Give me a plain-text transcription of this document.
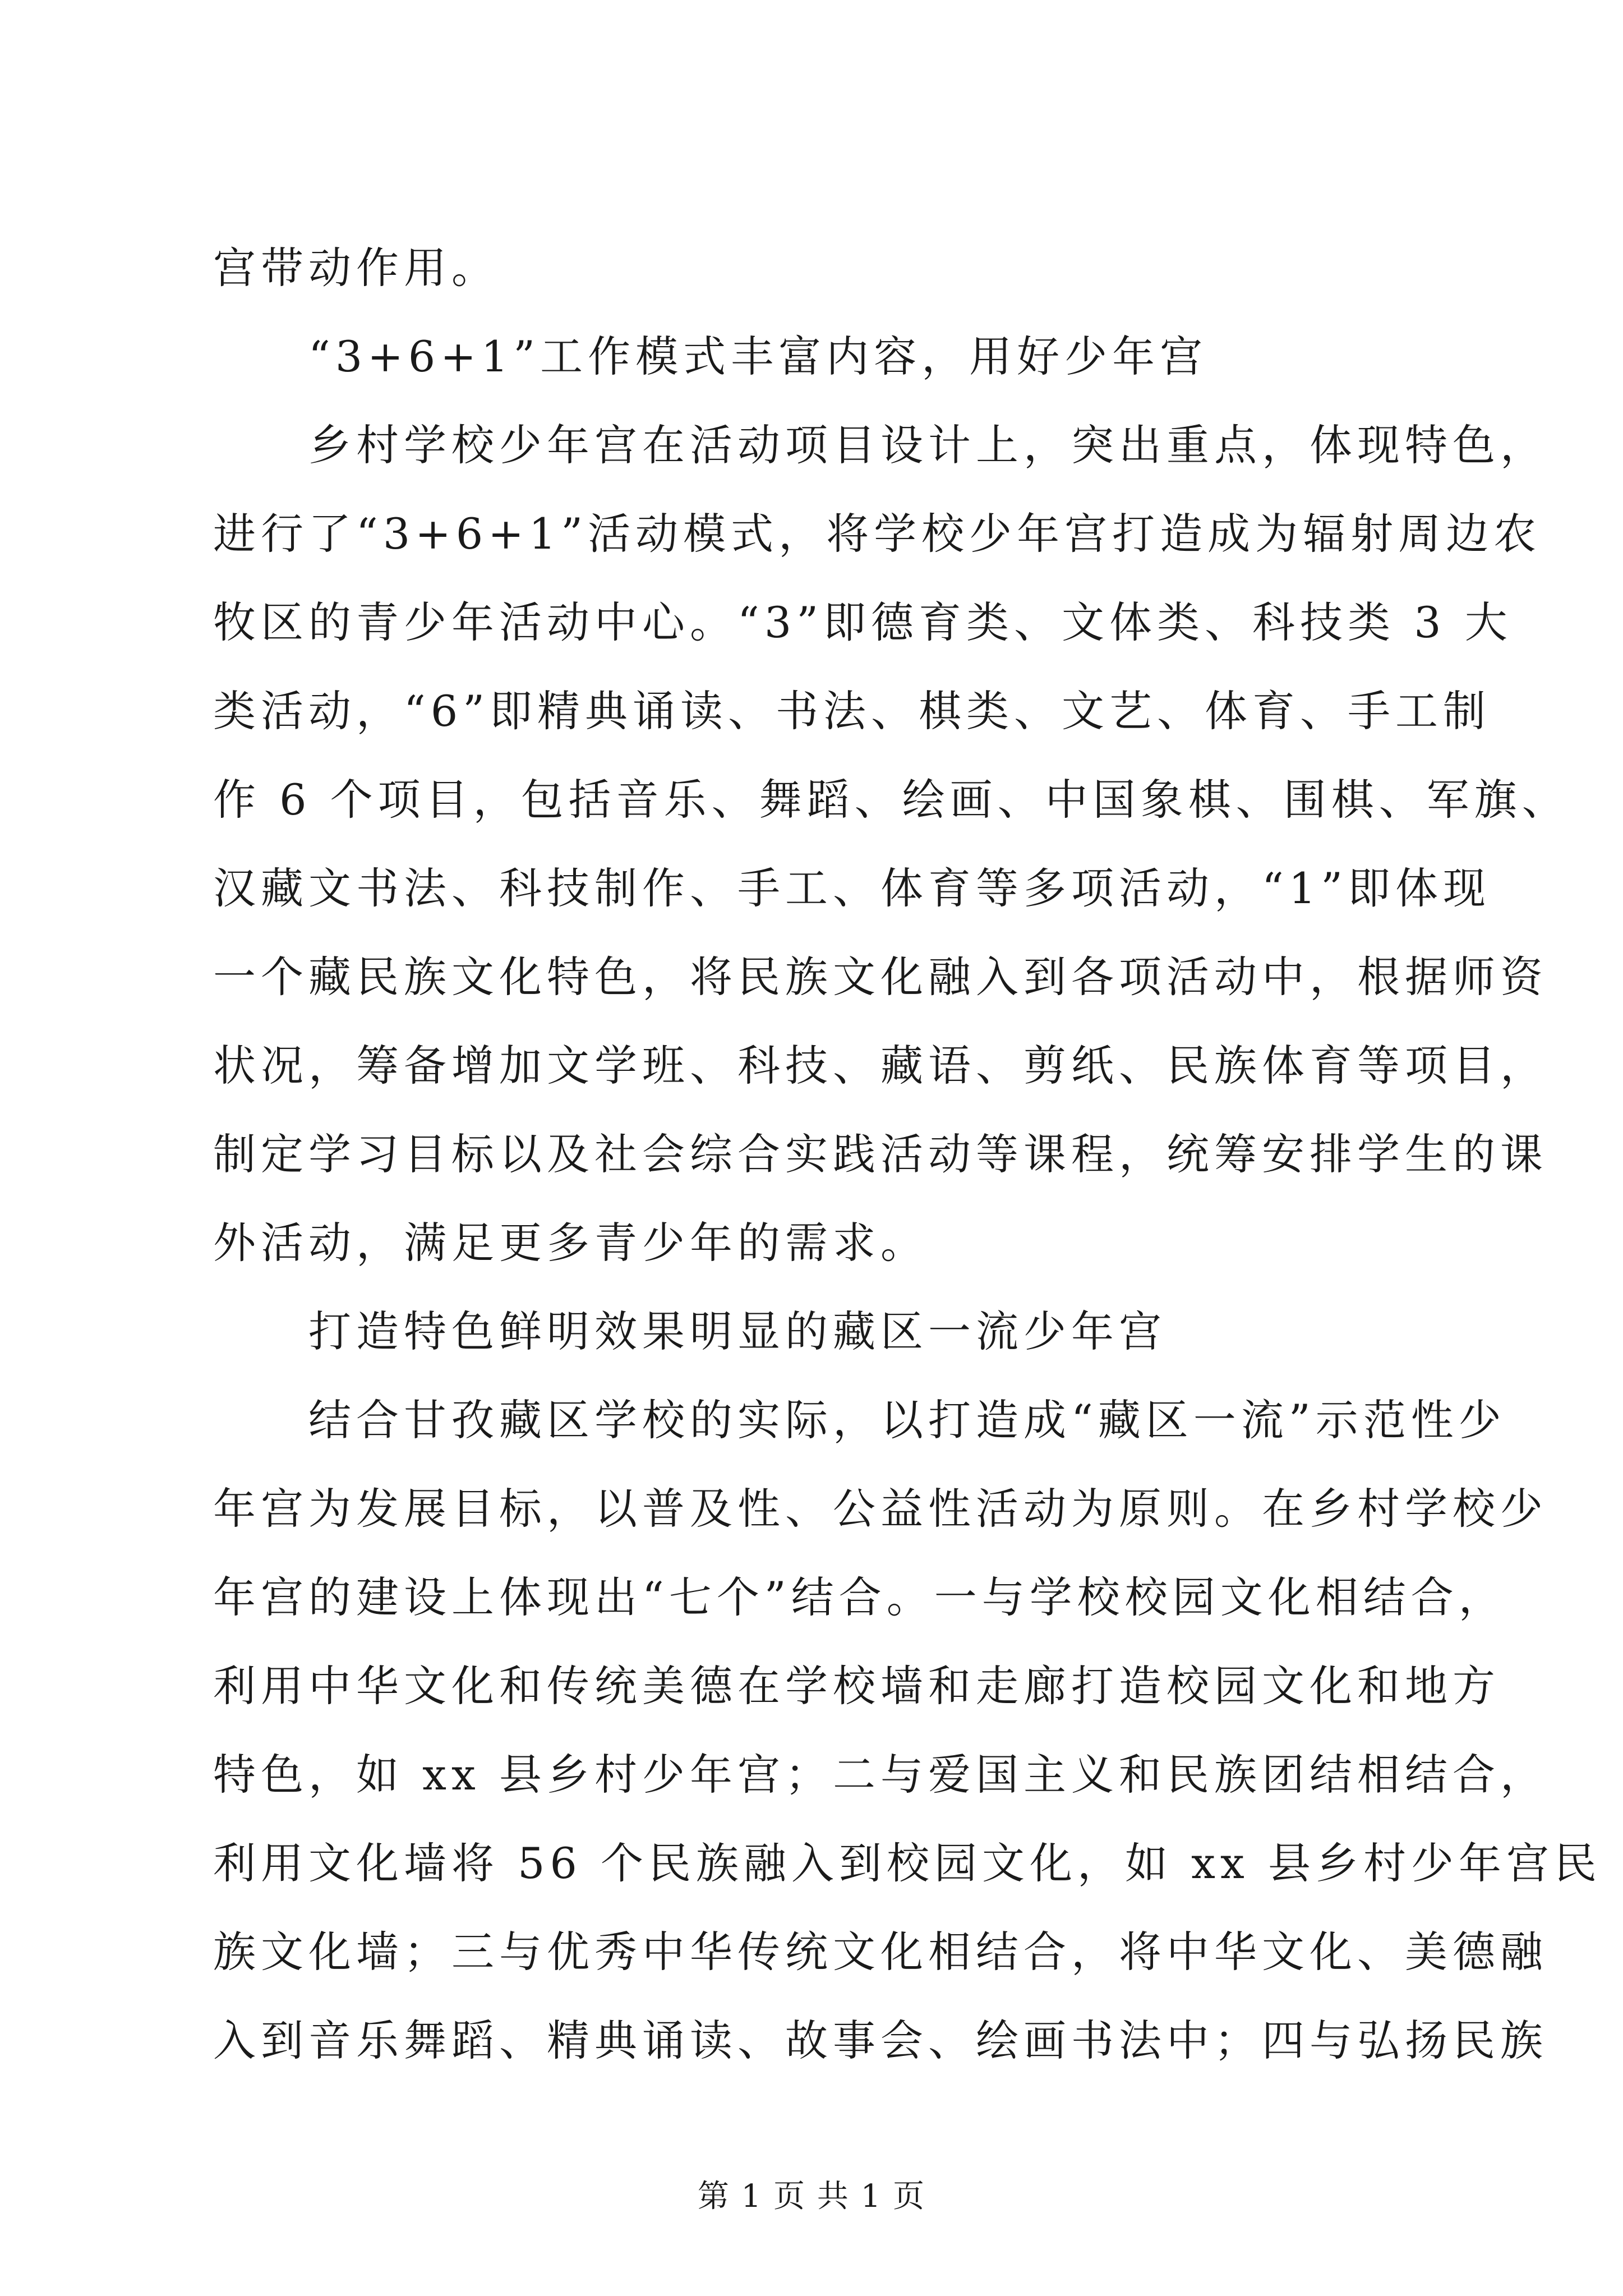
宫带动作用。
“3+6+1”工作模式丰富内容，用好少年宫
乡村学校少年宫在活动项目设计上，突出重点，体现特色，
进行了“3+6+1”活动模式，将学校少年宫打造成为辐射周边农
牧区的青少年活动中心。“3”即德育类、文体类、科技类 3 大
类活动，“6”即精典诵读、书法、棋类、文艺、体育、手工制
作 6 个项目，包括音乐、舞蹈、绘画、中国象棋、围棋、军旗、
汉藏文书法、科技制作、手工、体育等多项活动，“1”即体现
一个藏民族文化特色，将民族文化融入到各项活动中，根据师资
状况，筹备增加文学班、科技、藏语、剪纸、民族体育等项目，
制定学习目标以及社会综合实践活动等课程，统筹安排学生的课
外活动，满足更多青少年的需求。
打造特色鲜明效果明显的藏区一流少年宫
结合甘孜藏区学校的实际，以打造成“藏区一流”示范性少
年宫为发展目标，以普及性、公益性活动为原则。在乡村学校少
年宫的建设上体现出“七个”结合。一与学校校园文化相结合，
利用中华文化和传统美德在学校墙和走廊打造校园文化和地方
特色，如 xx 县乡村少年宫；二与爱国主义和民族团结相结合，
利用文化墙将 56 个民族融入到校园文化，如 xx 县乡村少年宫民
族文化墙；三与优秀中华传统文化相结合，将中华文化、美德融
入到音乐舞蹈、精典诵读、故事会、绘画书法中；四与弘扬民族
第 1 页 共 1 页
